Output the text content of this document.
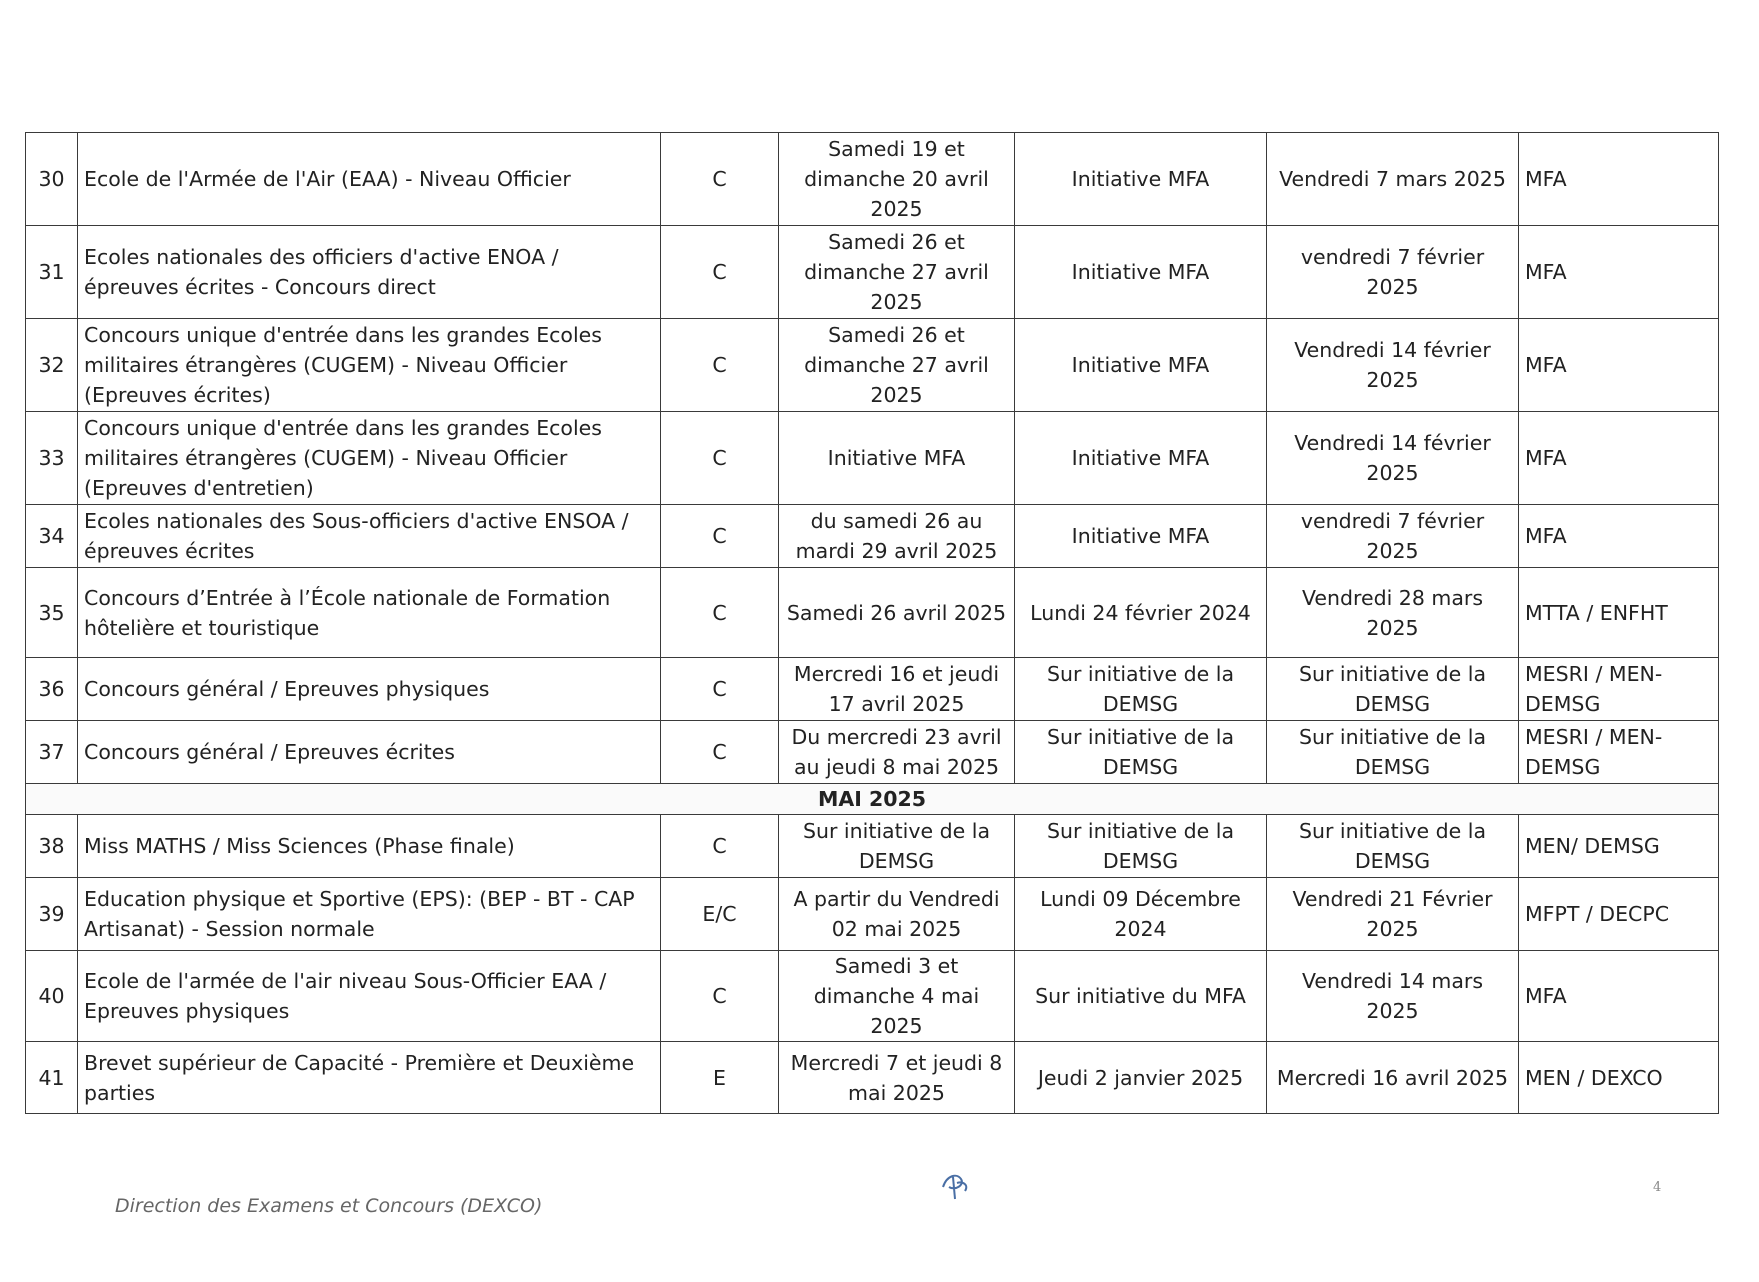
30	Ecole de l'Armée de l'Air (EAA) - Niveau Officier	C	Samedi 19 et dimanche 20 avril 2025	Initiative MFA	Vendredi 7 mars 2025	MFA
31	Ecoles nationales des officiers d'active ENOA / épreuves écrites - Concours direct	C	Samedi 26 et dimanche 27 avril 2025	Initiative MFA	vendredi 7 février 2025	MFA
32	Concours unique d'entrée dans les grandes Ecoles militaires étrangères (CUGEM) - Niveau Officier (Epreuves écrites)	C	Samedi 26 et dimanche 27 avril 2025	Initiative MFA	Vendredi 14 février 2025	MFA
33	Concours unique d'entrée dans les grandes Ecoles militaires étrangères (CUGEM) - Niveau Officier (Epreuves d'entretien)	C	Initiative MFA	Initiative MFA	Vendredi 14 février 2025	MFA
34	Ecoles nationales des Sous-officiers d'active ENSOA / épreuves écrites	C	du samedi 26 au mardi 29 avril 2025	Initiative MFA	vendredi 7 février 2025	MFA
35	Concours d’Entrée à l’École nationale de Formation hôtelière et touristique	C	Samedi 26 avril 2025	Lundi 24 février 2024	Vendredi 28 mars 2025	MTTA / ENFHT
36	Concours général / Epreuves physiques	C	Mercredi 16 et jeudi 17 avril 2025	Sur initiative de la DEMSG	Sur initiative de la DEMSG	MESRI / MEN-DEMSG
37	Concours général / Epreuves écrites	C	Du mercredi 23 avril au jeudi 8 mai 2025	Sur initiative de la DEMSG	Sur initiative de la DEMSG	MESRI / MEN-DEMSG
MAI 2025						
38	Miss MATHS / Miss Sciences (Phase finale)	C	Sur initiative de la DEMSG	Sur initiative de la DEMSG	Sur initiative de la DEMSG	MEN/ DEMSG
39	Education physique et Sportive (EPS): (BEP - BT - CAP Artisanat) - Session normale	E/C	A partir du Vendredi 02 mai 2025	Lundi 09 Décembre 2024	Vendredi 21 Février 2025	MFPT / DECPC
40	Ecole de l'armée de l'air niveau Sous-Officier EAA / Epreuves physiques	C	Samedi 3 et dimanche 4 mai 2025	Sur initiative du MFA	Vendredi 14 mars 2025	MFA
41	Brevet supérieur de Capacité - Première et Deuxième parties	E	Mercredi 7 et jeudi 8 mai 2025	Jeudi 2 janvier 2025	Mercredi 16 avril 2025	MEN / DEXCO
Direction des Examens et Concours (DEXCO)
4
